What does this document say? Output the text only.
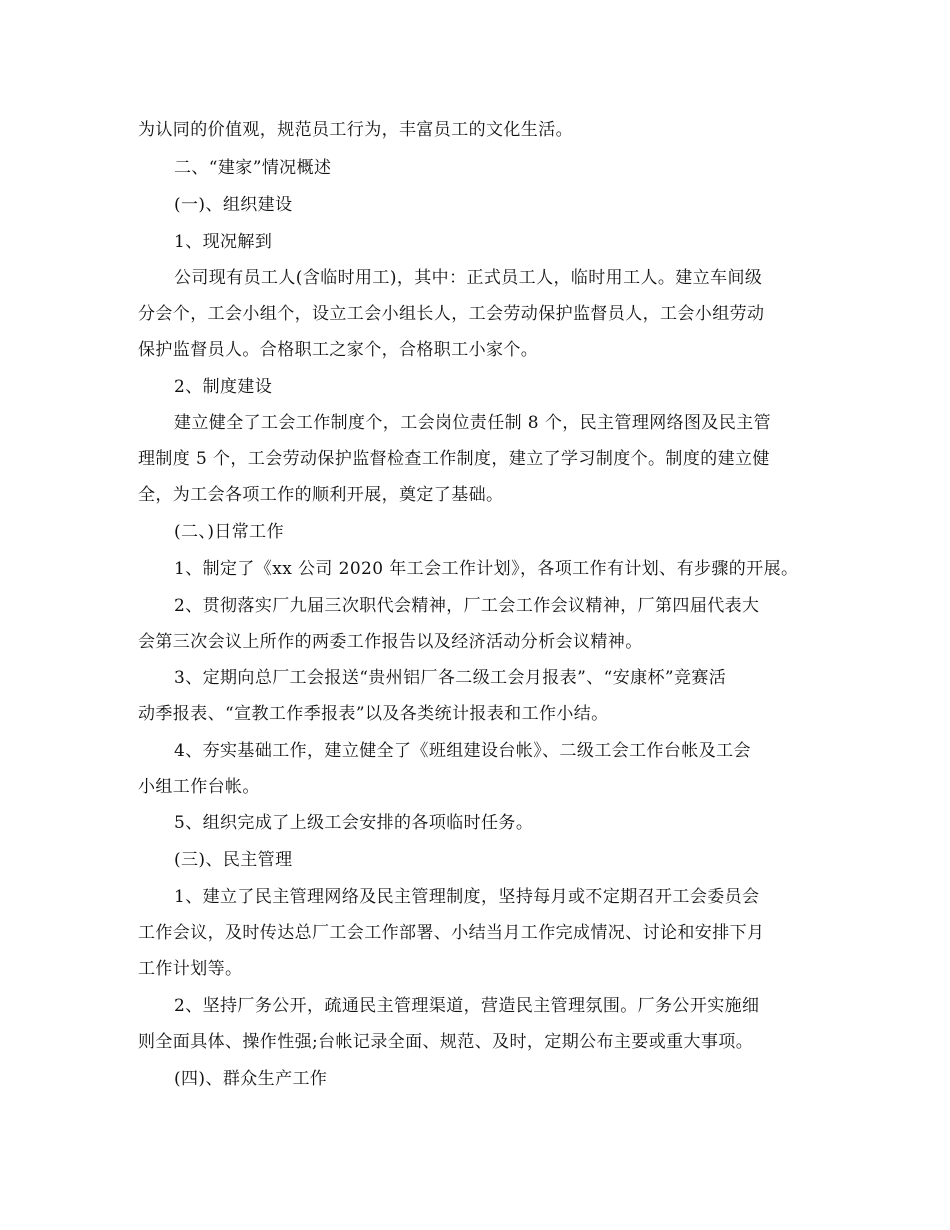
为认同的价值观，规范员工行为，丰富员工的文化生活。
二、“建家”情况概述
(一)、组织建设
1、现况解到
公司现有员工人(含临时用工)，其中：正式员工人，临时用工人。建立车间级
分会个，工会小组个，设立工会小组长人，工会劳动保护监督员人，工会小组劳动
保护监督员人。合格职工之家个，合格职工小家个。
2、制度建设
建立健全了工会工作制度个，工会岗位责任制 8 个，民主管理网络图及民主管
理制度 5 个，工会劳动保护监督检查工作制度，建立了学习制度个。制度的建立健
全，为工会各项工作的顺利开展，奠定了基础。
(二、)日常工作
1、制定了《xx 公司 2020 年工会工作计划》，各项工作有计划、有步骤的开展。
2、贯彻落实厂九届三次职代会精神，厂工会工作会议精神，厂第四届代表大
会第三次会议上所作的两委工作报告以及经济活动分析会议精神。
3、定期向总厂工会报送“贵州铝厂各二级工会月报表”、“安康杯”竞赛活
动季报表、“宣教工作季报表”以及各类统计报表和工作小结。
4、夯实基础工作，建立健全了《班组建设台帐》、二级工会工作台帐及工会
小组工作台帐。
5、组织完成了上级工会安排的各项临时任务。
(三)、民主管理
1、建立了民主管理网络及民主管理制度，坚持每月或不定期召开工会委员会
工作会议，及时传达总厂工会工作部署、小结当月工作完成情况、讨论和安排下月
工作计划等。
2、坚持厂务公开，疏通民主管理渠道，营造民主管理氛围。厂务公开实施细
则全面具体、操作性强;台帐记录全面、规范、及时，定期公布主要或重大事项。
(四)、群众生产工作
